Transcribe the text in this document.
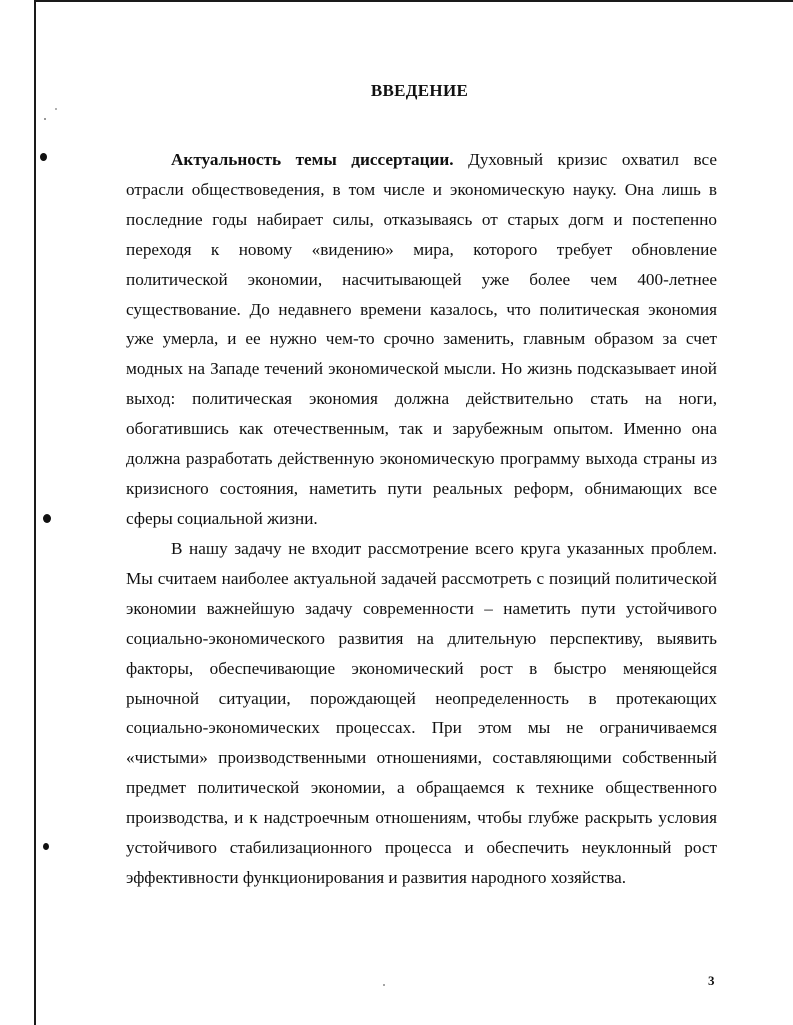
ВВЕДЕНИЕ

Актуальность темы диссертации. Духовный кризис охватил все отрасли обществоведения, в том числе и экономическую науку. Она лишь в последние годы набирает силы, отказываясь от старых догм и постепенно переходя к новому «видению» мира, которого требует обновление политической экономии, насчитывающей уже более чем 400-летнее существование. До недавнего времени казалось, что политическая экономия уже умерла, и ее нужно чем-то срочно заменить, главным образом за счет модных на Западе течений экономической мысли. Но жизнь подсказывает иной выход: политическая экономия должна действительно стать на ноги, обогатившись как отечественным, так и зарубежным опытом. Именно она должна разработать действенную экономическую программу выхода страны из кризисного состояния, наметить пути реальных реформ, обнимающих все сферы социальной жизни.

В нашу задачу не входит рассмотрение всего круга указанных проблем. Мы считаем наиболее актуальной задачей рассмотреть с позиций политической экономии важнейшую задачу современности – наметить пути устойчивого социально-экономического развития на длительную перспективу, выявить факторы, обеспечивающие экономический рост в быстро меняющейся рыночной ситуации, порождающей неопределенность в протекающих социально-экономических процессах. При этом мы не ограничиваемся «чистыми» производственными отношениями, составляющими собственный предмет политической экономии, а обращаемся к технике общественного производства, и к надстроечным отношениям, чтобы глубже раскрыть условия устойчивого стабилизационного процесса и обеспечить неуклонный рост эффективности функционирования и развития народного хозяйства.

3
